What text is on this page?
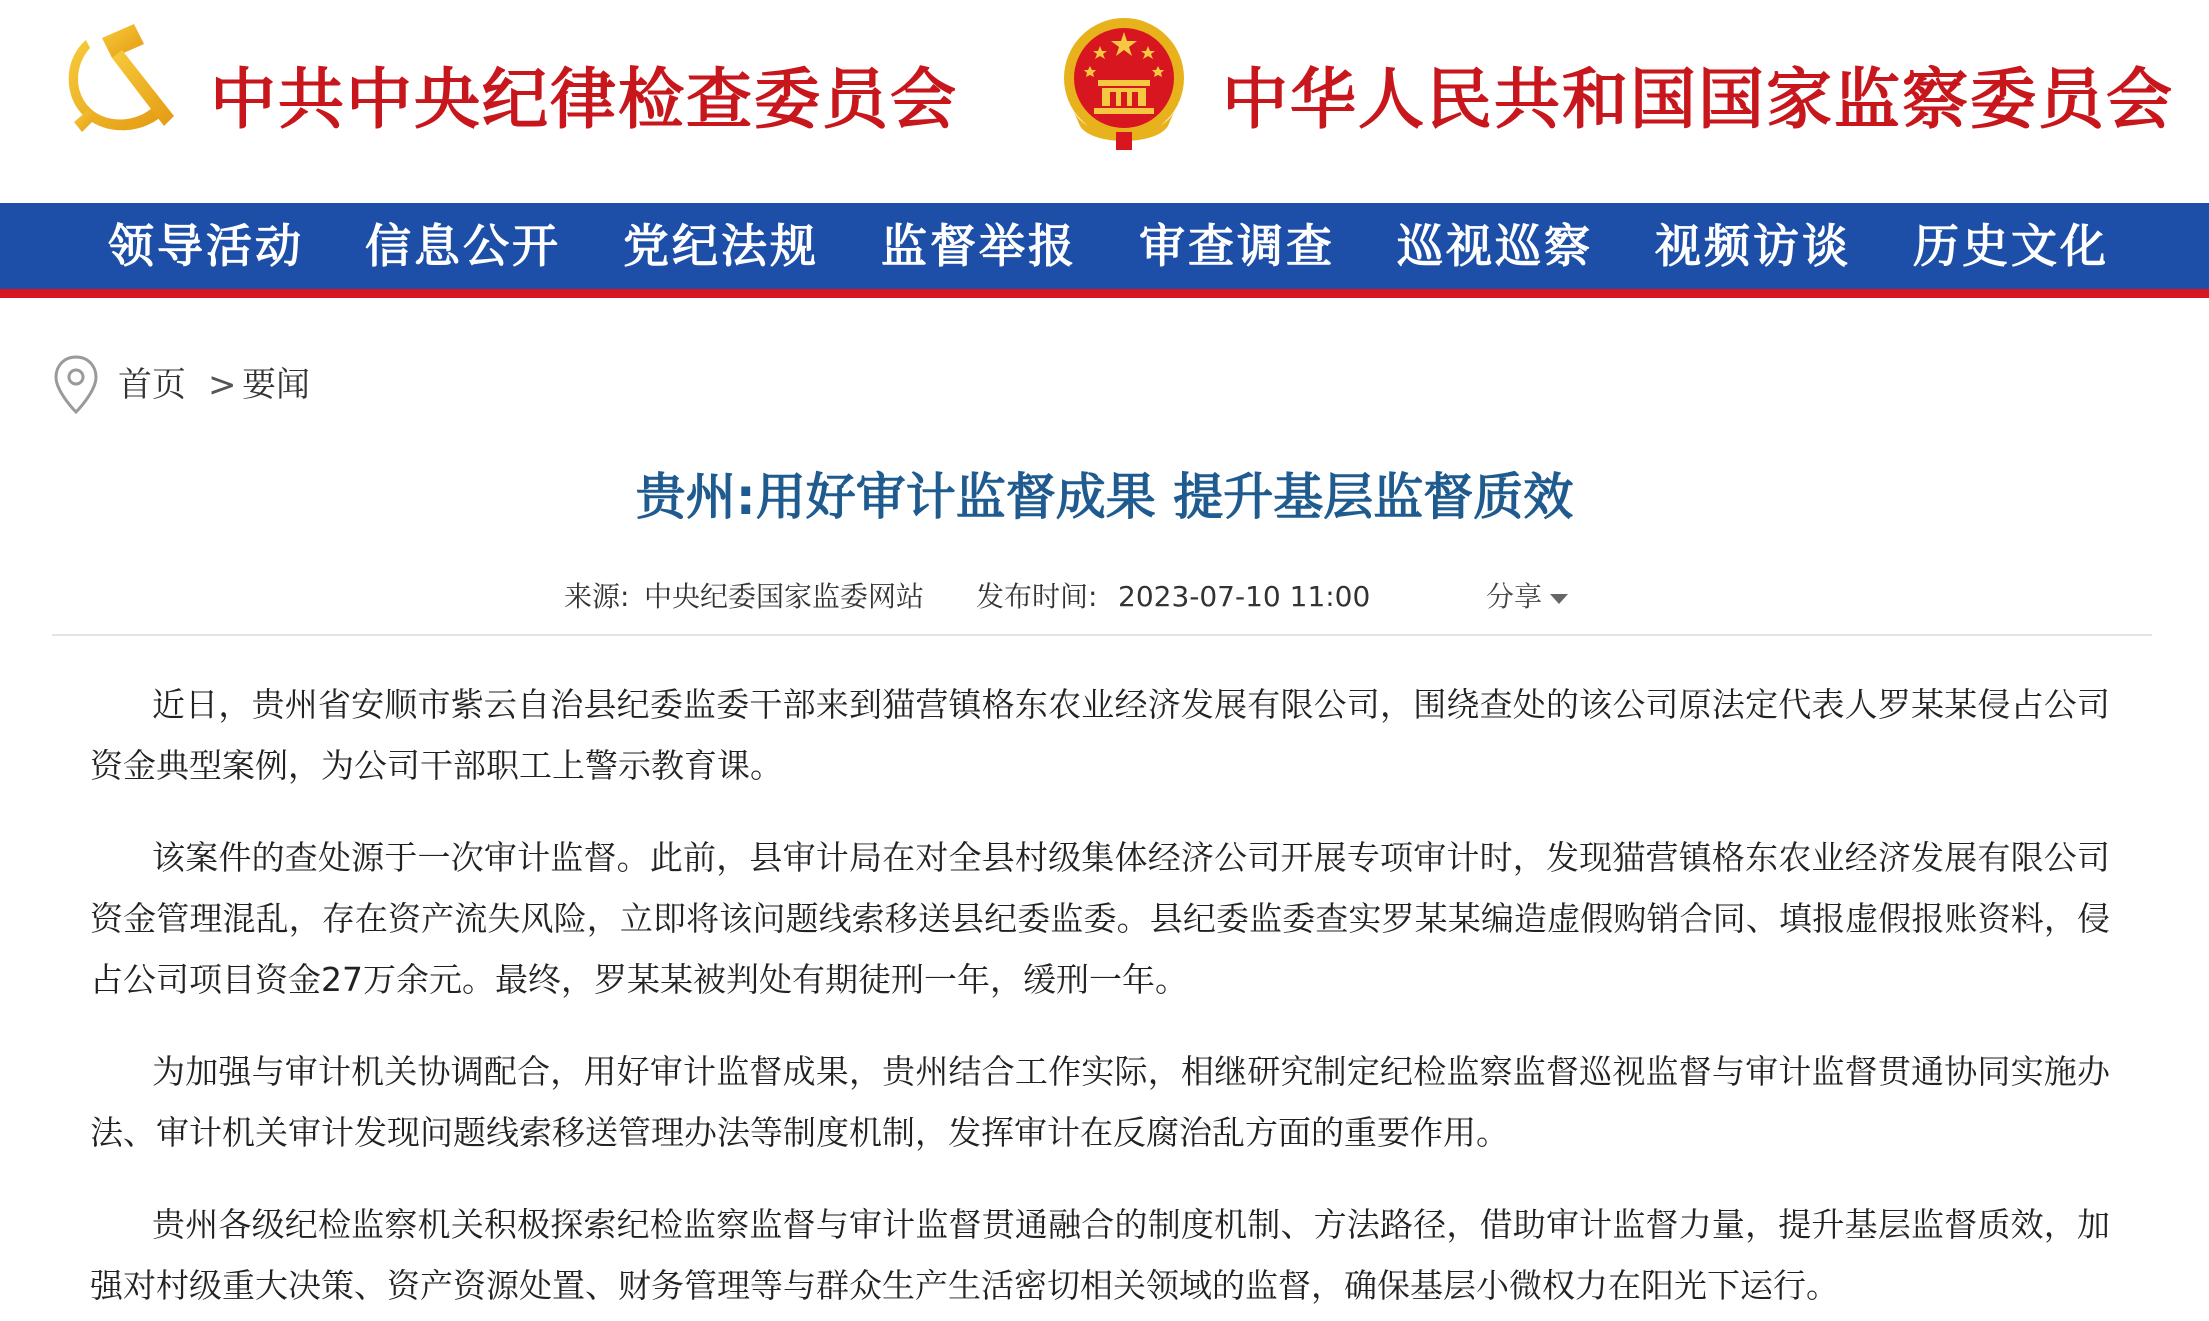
中共中央纪律检查委员会	中华人民共和国国家监察委员会
领导活动 信息公开 党纪法规 监督举报 审查调查 巡视巡察 视频访谈 历史文化
首页 > 要闻
贵州:用好审计监督成果 提升基层监督质效
来源: 中央纪委国家监委网站 发布时间: 2023-07-10 11:00	分享

近日，贵州省安顺市紫云自治县纪委监委干部来到猫营镇格东农业经济发展有限公司，围绕查处的该公司原法定代表人罗某某侵占公司资金典型案例，为公司干部职工上警示教育课。

该案件的查处源于一次审计监督。此前，县审计局在对全县村级集体经济公司开展专项审计时，发现猫营镇格东农业经济发展有限公司资金管理混乱，存在资产流失风险，立即将该问题线索移送县纪委监委。县纪委监委查实罗某某编造虚假购销合同、填报虚假报账资料，侵占公司项目资金27万余元。最终，罗某某被判处有期徒刑一年，缓刑一年。

为加强与审计机关协调配合，用好审计监督成果，贵州结合工作实际，相继研究制定纪检监察监督巡视监督与审计监督贯通协同实施办法、审计机关审计发现问题线索移送管理办法等制度机制，发挥审计在反腐治乱方面的重要作用。

贵州各级纪检监察机关积极探索纪检监察监督与审计监督贯通融合的制度机制、方法路径，借助审计监督力量，提升基层监督质效，加强对村级重大决策、资产资源处置、财务管理等与群众生产生活密切相关领域的监督，确保基层小微权力在阳光下运行。
